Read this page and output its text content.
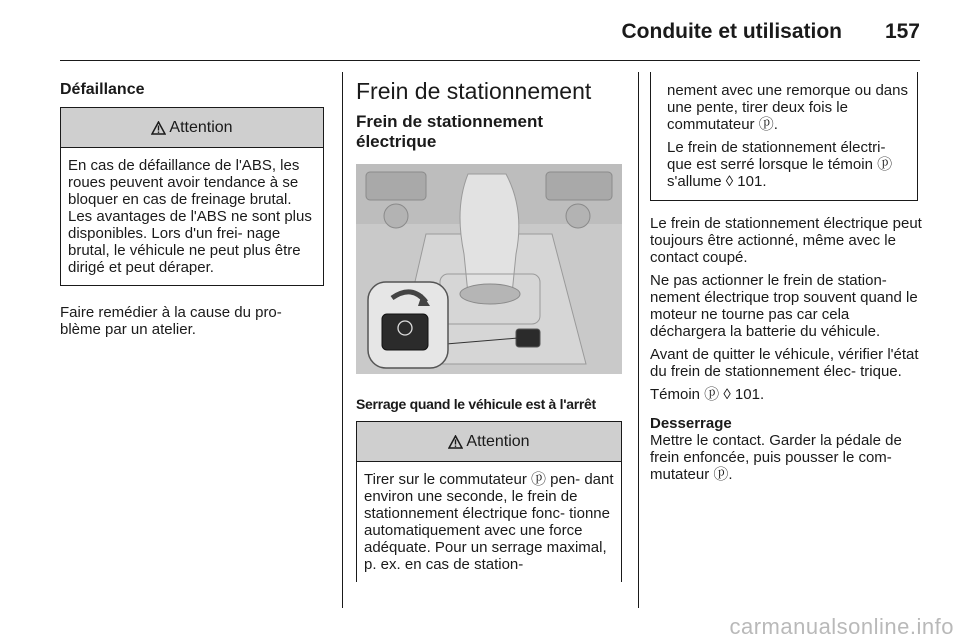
Conduite et utilisation 157
Défaillance
Attention
En cas de défaillance de l'ABS, les roues peuvent avoir tendance à se bloquer en cas de freinage brutal. Les avantages de l'ABS ne sont plus disponibles. Lors d'un frei- nage brutal, le véhicule ne peut plus être dirigé et peut déraper.

Faire remédier à la cause du pro- blème par un atelier.

Frein de stationnement
Frein de stationnement électrique
Serrage quand le véhicule est à l'arrêt
Attention
Tirer sur le commutateur ⓟ pen- dant environ une seconde, le frein de stationnement électrique fonc- tionne automatiquement avec une force adéquate. Pour un serrage maximal, p. ex. en cas de station-

nement avec une remorque ou dans une pente, tirer deux fois le commutateur ⓟ.

Le frein de stationnement électri- que est serré lorsque le témoin ⓟ s'allume ◊ 101.

Le frein de stationnement électrique peut toujours être actionné, même avec le contact coupé.

Ne pas actionner le frein de station- nement électrique trop souvent quand le moteur ne tourne pas car cela déchargera la batterie du véhicule.

Avant de quitter le véhicule, vérifier l'état du frein de stationnement élec- trique.

Témoin ⓟ ◊ 101.

Desserrage

Mettre le contact. Garder la pédale de frein enfoncée, puis pousser le com- mutateur ⓟ.

carmanualsonline.info
